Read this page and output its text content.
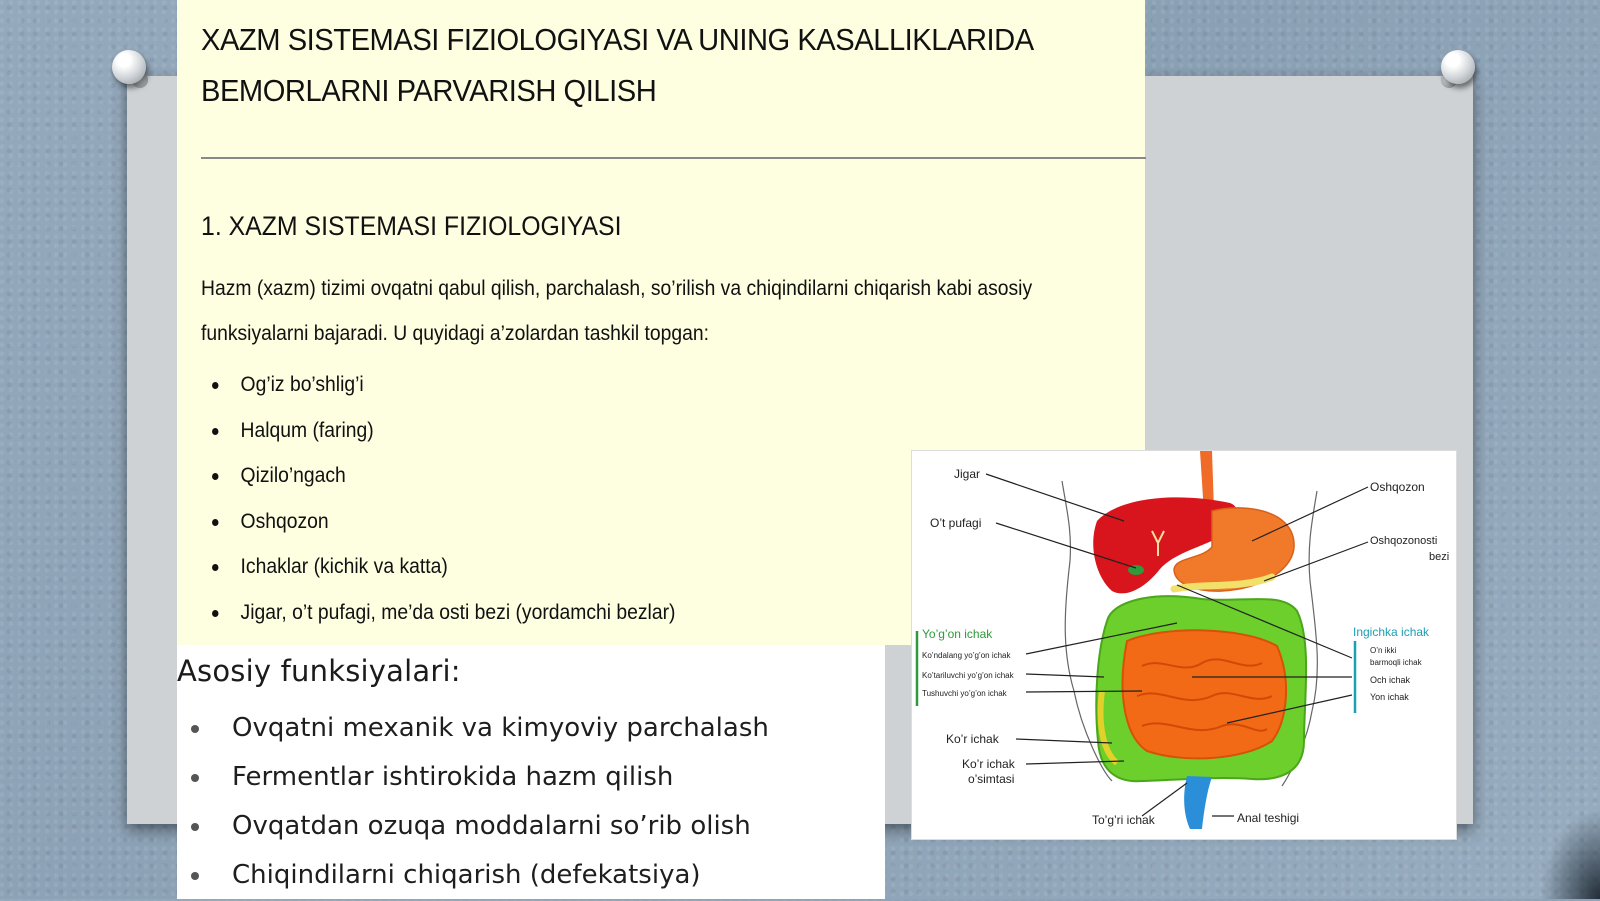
XAZM SISTEMASI FIZIOLOGIYASI VA UNING KASALLIKLARIDA
BEMORLARNI PARVARISH QILISH
1. XAZM SISTEMASI FIZIOLOGIYASI
Hazm (xazm) tizimi ovqatni qabul qilish, parchalash, so’rilish va chiqindilarni chiqarish kabi asosiy
funksiyalarni bajaradi. U quyidagi a’zolardan tashkil topgan:
Og’iz bo’shlig’i
Halqum (faring)
Qizilo’ngach
Oshqozon
Ichaklar (kichik va katta)
Jigar, o’t pufagi, me’da osti bezi (yordamchi bezlar)
Asosiy funksiyalari:
Ovqatni mexanik va kimyoviy parchalash
Fermentlar ishtirokida hazm qilish
Ovqatdan ozuqa moddalarni so’rib olish
Chiqindilarni chiqarish (defekatsiya)
Jigar
O’t pufagi
Oshqozon
Oshqozonosti
bezi
Yo’g’on ichak
Ko’ndalang yo’g’on ichak
Ko’tariluvchi yo’g’on ichak
Tushuvchi yo’g’on ichak
Ko’r ichak
Ko’r ichak
o’simtasi
To’g’ri ichak	Anal teshigi
Ingichka ichak
O’n ikki
barmoqli ichak
Och ichak
Yon ichak
